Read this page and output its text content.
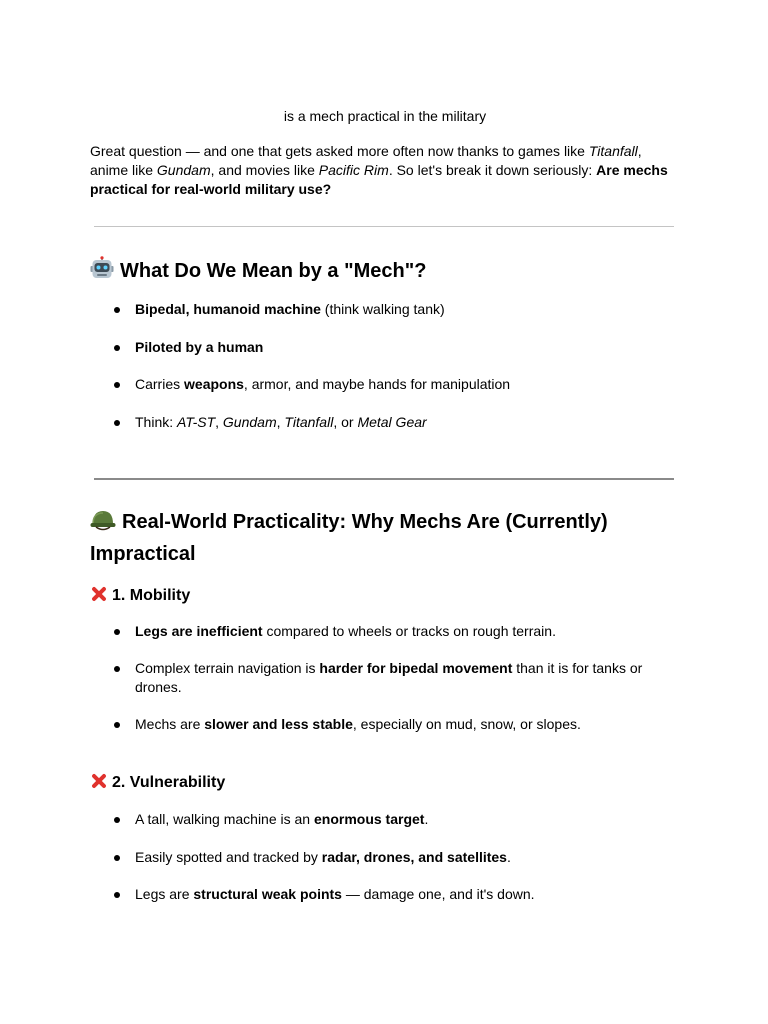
is a mech practical in the military

Great question — and one that gets asked more often now thanks to games like Titanfall, anime like Gundam, and movies like Pacific Rim. So let's break it down seriously: Are mechs practical for real-world military use?

What Do We Mean by a "Mech"?
Bipedal, humanoid machine (think walking tank)
Piloted by a human
Carries weapons, armor, and maybe hands for manipulation
Think: AT-ST, Gundam, Titanfall, or Metal Gear
Real-World Practicality: Why Mechs Are (Currently) Impractical
1. Mobility
Legs are inefficient compared to wheels or tracks on rough terrain.
Complex terrain navigation is harder for bipedal movement than it is for tanks or drones.
Mechs are slower and less stable, especially on mud, snow, or slopes.
2. Vulnerability
A tall, walking machine is an enormous target.
Easily spotted and tracked by radar, drones, and satellites.
Legs are structural weak points — damage one, and it's down.
